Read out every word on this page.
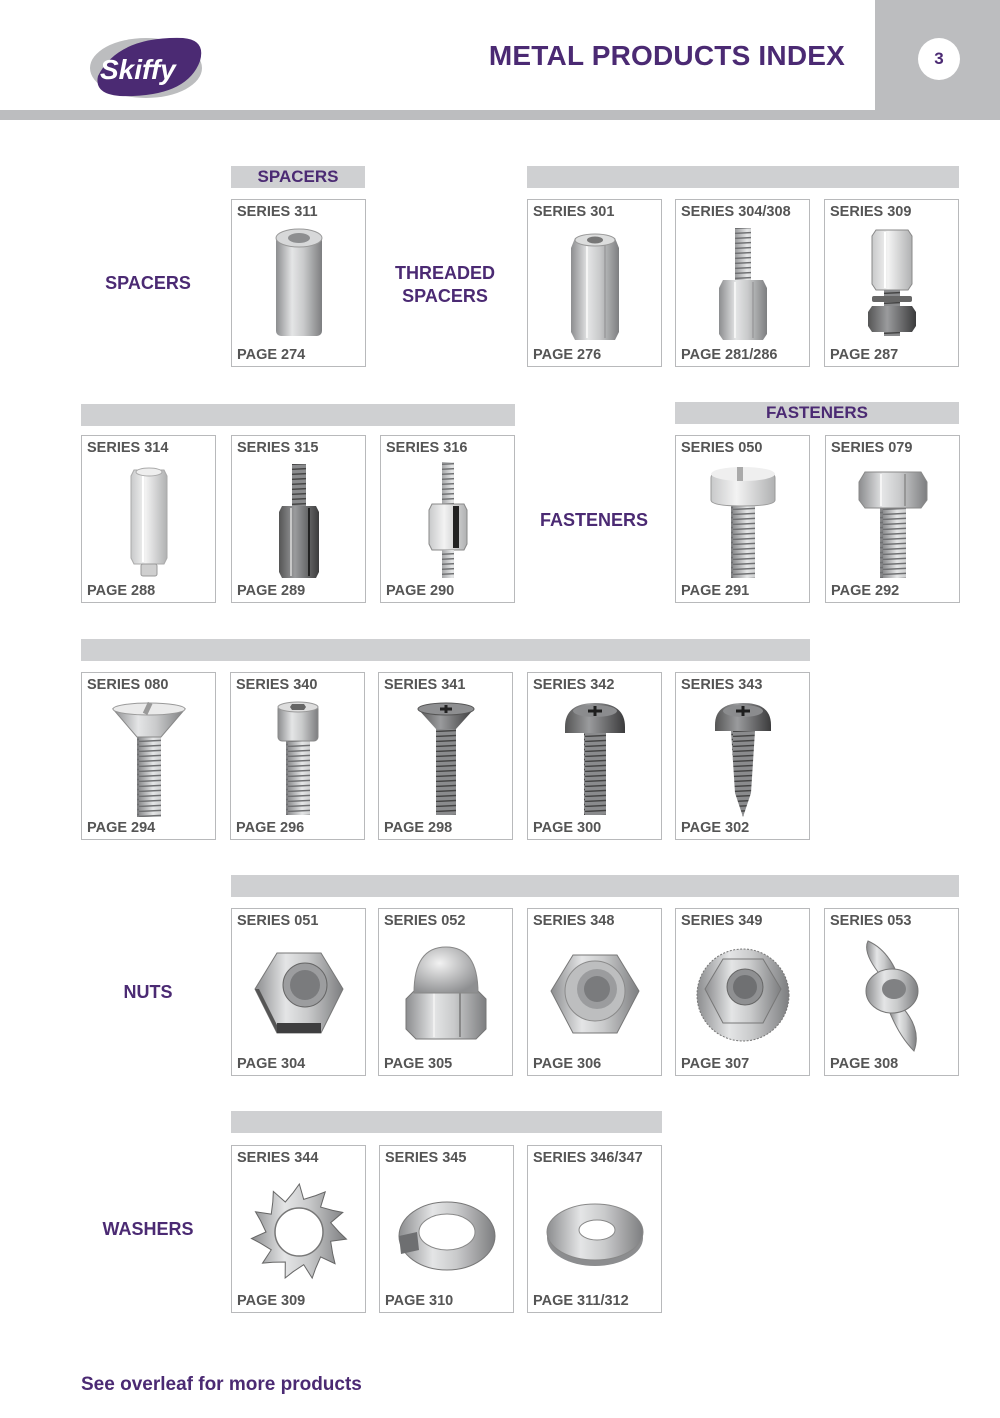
Skiffy	METAL PRODUCTS INDEX	3
SPACERS	THREADED SPACERS
FASTENERS
NUTS
WASHERS
SPACERS
FASTENERS
SERIES 311
PAGE 274
SERIES 301
PAGE 276
SERIES 304/308
PAGE 281/286
SERIES 309
PAGE 287
SERIES 314
PAGE 288
SERIES 315
PAGE 289
SERIES 316
PAGE 290
SERIES 050
PAGE 291
SERIES 079
PAGE 292
SERIES 080
PAGE 294
SERIES 340
PAGE 296
SERIES 341
PAGE 298
SERIES 342
PAGE 300
SERIES 343
PAGE 302
SERIES 051
PAGE 304
SERIES 052
PAGE 305
SERIES 348
PAGE 306
SERIES 349
PAGE 307
SERIES 053
PAGE 308
SERIES 344
PAGE 309
SERIES 345
PAGE 310
SERIES 346/347
PAGE 311/312
See overleaf for more products
